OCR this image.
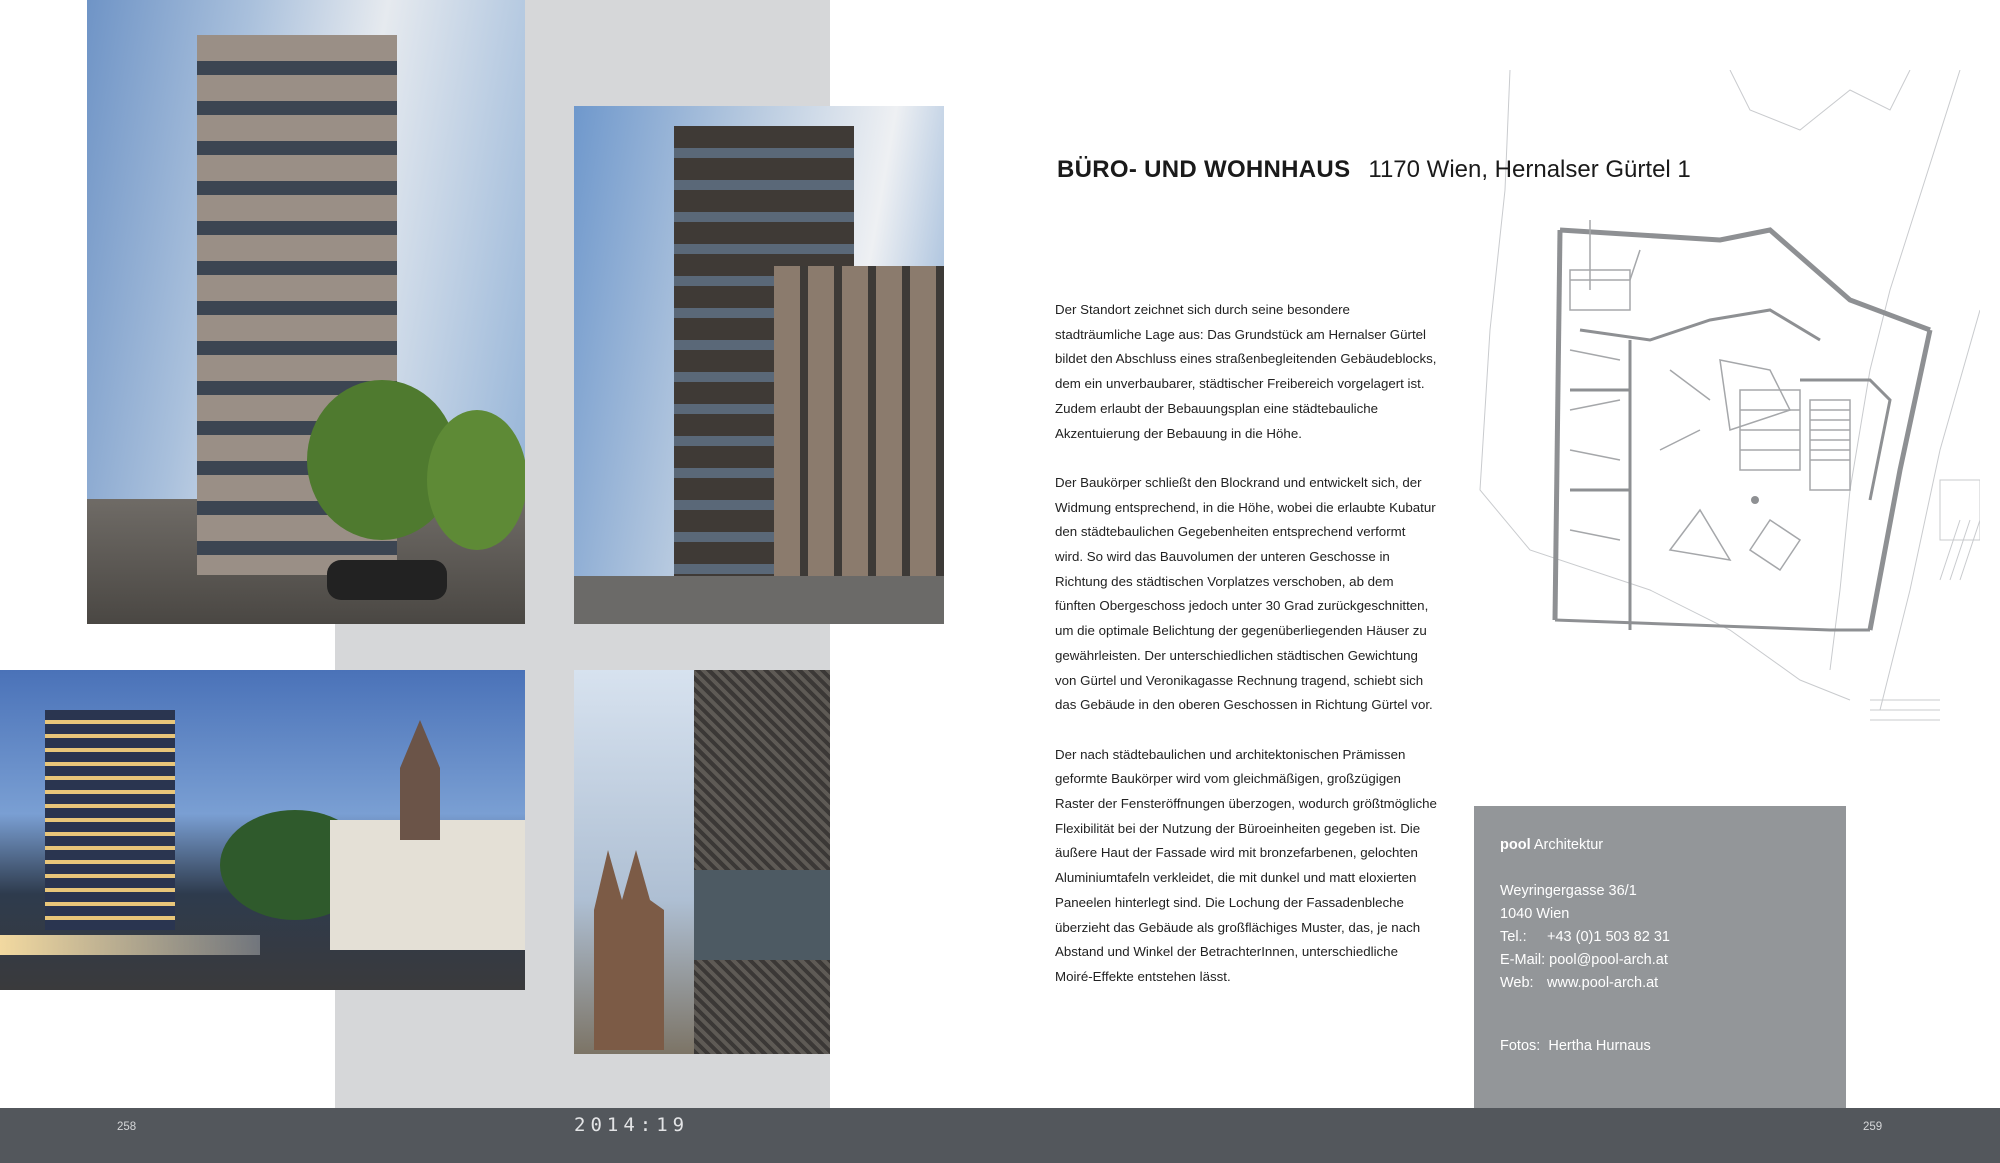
BÜRO- UND WOHNHAUS 1170 Wien, Hernalser Gürtel 1

Der Standort zeichnet sich durch seine besondere stadträumliche Lage aus: Das Grundstück am Hernalser Gürtel bildet den Abschluss eines straßenbegleitenden Gebäudeblocks, dem ein unverbaubarer, städtischer Freibereich vorgelagert ist. Zudem erlaubt der Bebauungsplan eine städtebauliche Akzentuierung der Bebauung in die Höhe.

Der Baukörper schließt den Blockrand und entwickelt sich, der Widmung entsprechend, in die Höhe, wobei die erlaubte Kubatur den städtebaulichen Gegebenheiten entsprechend verformt wird. So wird das Bauvolumen der unteren Geschosse in Richtung des städtischen Vorplatzes verschoben, ab dem fünften Obergeschoss jedoch unter 30 Grad zurückgeschnitten, um die optimale Belichtung der gegenüberliegenden Häuser zu gewährleisten. Der unterschiedlichen städtischen Gewichtung von Gürtel und Veronikagasse Rechnung tragend, schiebt sich das Gebäude in den oberen Geschossen in Richtung Gürtel vor.

Der nach städtebaulichen und architektonischen Prämissen geformte Baukörper wird vom gleichmäßigen, großzügigen Raster der Fensteröffnungen überzogen, wodurch größtmögliche Flexibilität bei der Nutzung der Büroeinheiten gegeben ist. Die äußere Haut der Fassade wird mit bronzefarbenen, gelochten Aluminiumtafeln verkleidet, die mit dunkel und matt eloxierten Paneelen hinterlegt sind. Die Lochung der Fassadenbleche überzieht das Gebäude als großflächiges Muster, das, je nach Abstand und Winkel der BetrachterInnen, unterschiedliche Moiré-Effekte entstehen lässt.

pool Architektur
Weyringergasse 36/1
1040 Wien
Tel.: +43 (0)1 503 82 31
E-Mail: pool@pool-arch.at
Web: www.pool-arch.at
Fotos: Hertha Hurnaus
258	2014:19	259
